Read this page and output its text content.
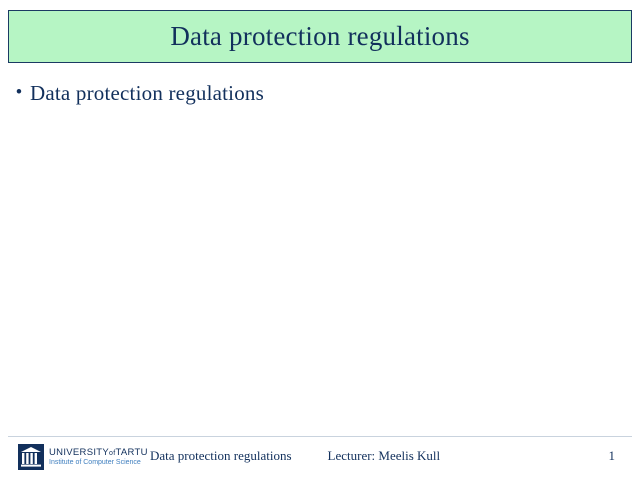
Data protection regulations
• Data protection regulations
UNIVERSITYofTARTU
Institute of Computer Science Data protection regulations	Lecturer: Meelis Kull	1
